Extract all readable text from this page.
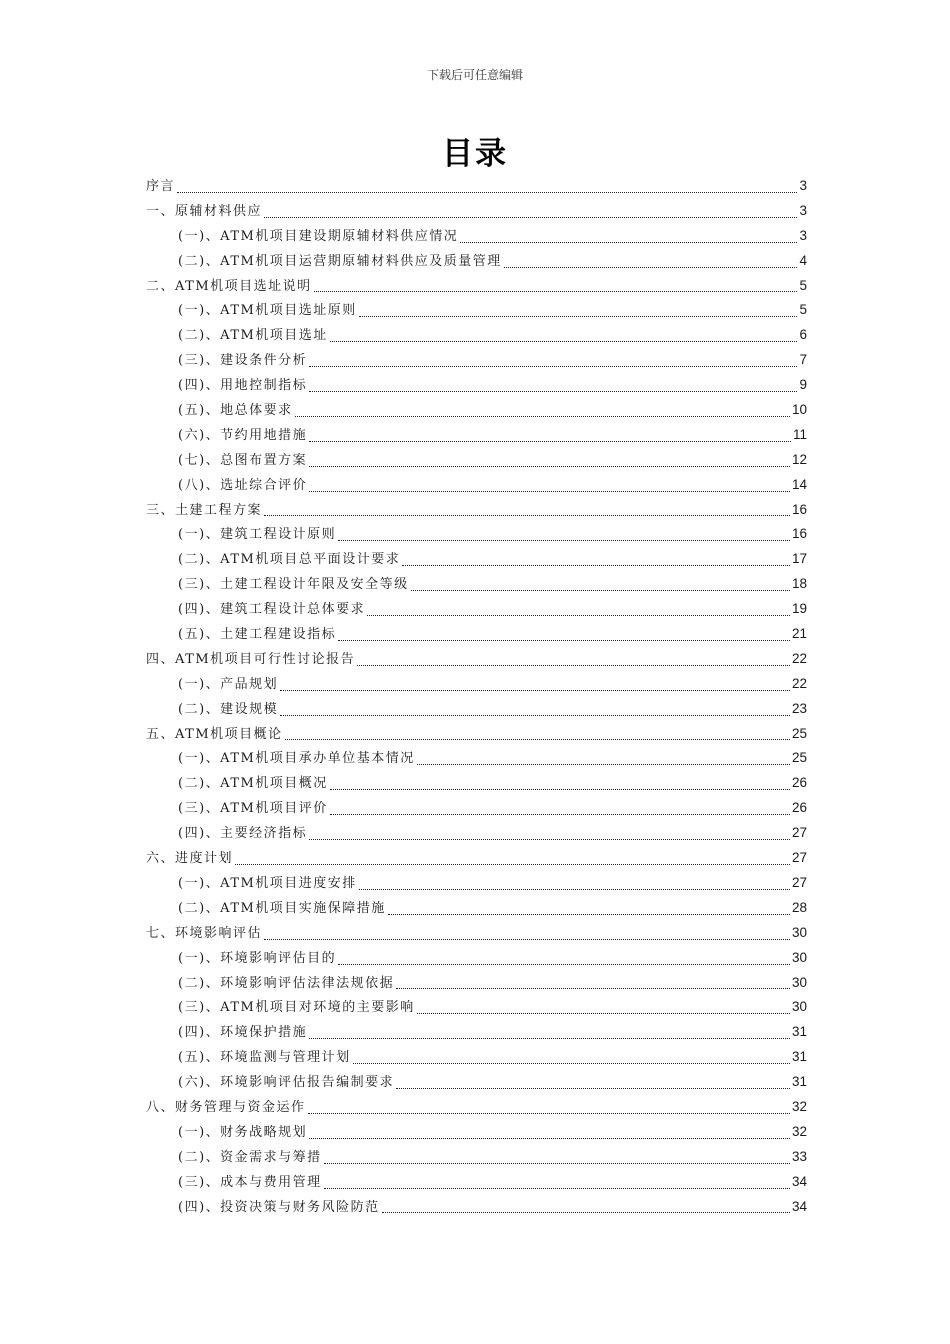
下载后可任意编辑
目录
序言	3
一、原辅材料供应	3
(一)、ATM机项目建设期原辅材料供应情况	3
(二)、ATM机项目运营期原辅材料供应及质量管理	4
二、ATM机项目选址说明	5
(一)、ATM机项目选址原则	5
(二)、ATM机项目选址	6
(三)、建设条件分析	7
(四)、用地控制指标	9
(五)、地总体要求	10
(六)、节约用地措施	11
(七)、总图布置方案	12
(八)、选址综合评价	14
三、土建工程方案	16
(一)、建筑工程设计原则	16
(二)、ATM机项目总平面设计要求	17
(三)、土建工程设计年限及安全等级	18
(四)、建筑工程设计总体要求	19
(五)、土建工程建设指标	21
四、ATM机项目可行性讨论报告	22
(一)、产品规划	22
(二)、建设规模	23
五、ATM机项目概论	25
(一)、ATM机项目承办单位基本情况	25
(二)、ATM机项目概况	26
(三)、ATM机项目评价	26
(四)、主要经济指标	27
六、进度计划	27
(一)、ATM机项目进度安排	27
(二)、ATM机项目实施保障措施	28
七、环境影响评估	30
(一)、环境影响评估目的	30
(二)、环境影响评估法律法规依据	30
(三)、ATM机项目对环境的主要影响	30
(四)、环境保护措施	31
(五)、环境监测与管理计划	31
(六)、环境影响评估报告编制要求	31
八、财务管理与资金运作	32
(一)、财务战略规划	32
(二)、资金需求与筹措	33
(三)、成本与费用管理	34
(四)、投资决策与财务风险防范	34
